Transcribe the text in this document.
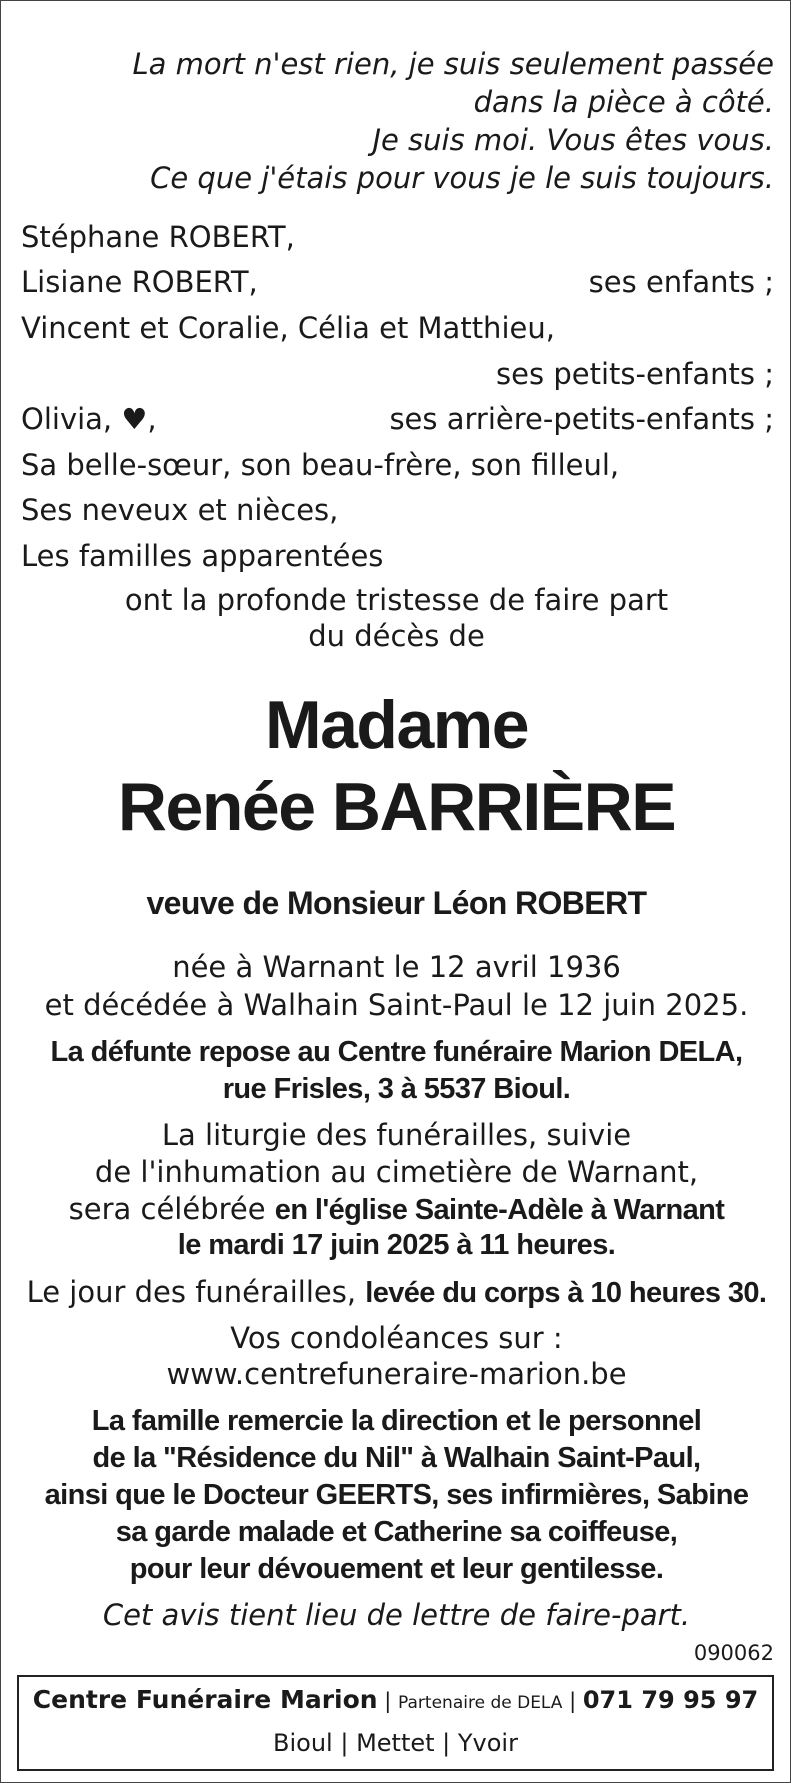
La mort n'est rien, je suis seulement passée
dans la pièce à côté.
Je suis moi. Vous êtes vous.
Ce que j'étais pour vous je le suis toujours.
Stéphane ROBERT,
Lisiane ROBERT,	ses enfants ;
Vincent et Coralie, Célia et Matthieu,
ses petits-enfants ;
Olivia, ♥,	ses arrière-petits-enfants ;
Sa belle-sœur, son beau-frère, son filleul,
Ses neveux et nièces,
Les familles apparentées
ont la profonde tristesse de faire part
du décès de
Madame
Renée BARRIÈRE
veuve de Monsieur Léon ROBERT
née à Warnant le 12 avril 1936
et décédée à Walhain Saint-Paul le 12 juin 2025.
La défunte repose au Centre funéraire Marion DELA,
rue Frisles, 3 à 5537 Bioul.
La liturgie des funérailles, suivie
de l'inhumation au cimetière de Warnant,
sera célébrée en l'église Sainte-Adèle à Warnant
le mardi 17 juin 2025 à 11 heures.
Le jour des funérailles, levée du corps à 10 heures 30.
Vos condoléances sur :
www.centrefuneraire-marion.be
La famille remercie la direction et le personnel
de la "Résidence du Nil" à Walhain Saint-Paul,
ainsi que le Docteur GEERTS, ses infirmières, Sabine
sa garde malade et Catherine sa coiffeuse,
pour leur dévouement et leur gentilesse.
Cet avis tient lieu de lettre de faire-part.
090062
Centre Funéraire Marion | Partenaire de DELA | 071 79 95 97
Bioul | Mettet | Yvoir
